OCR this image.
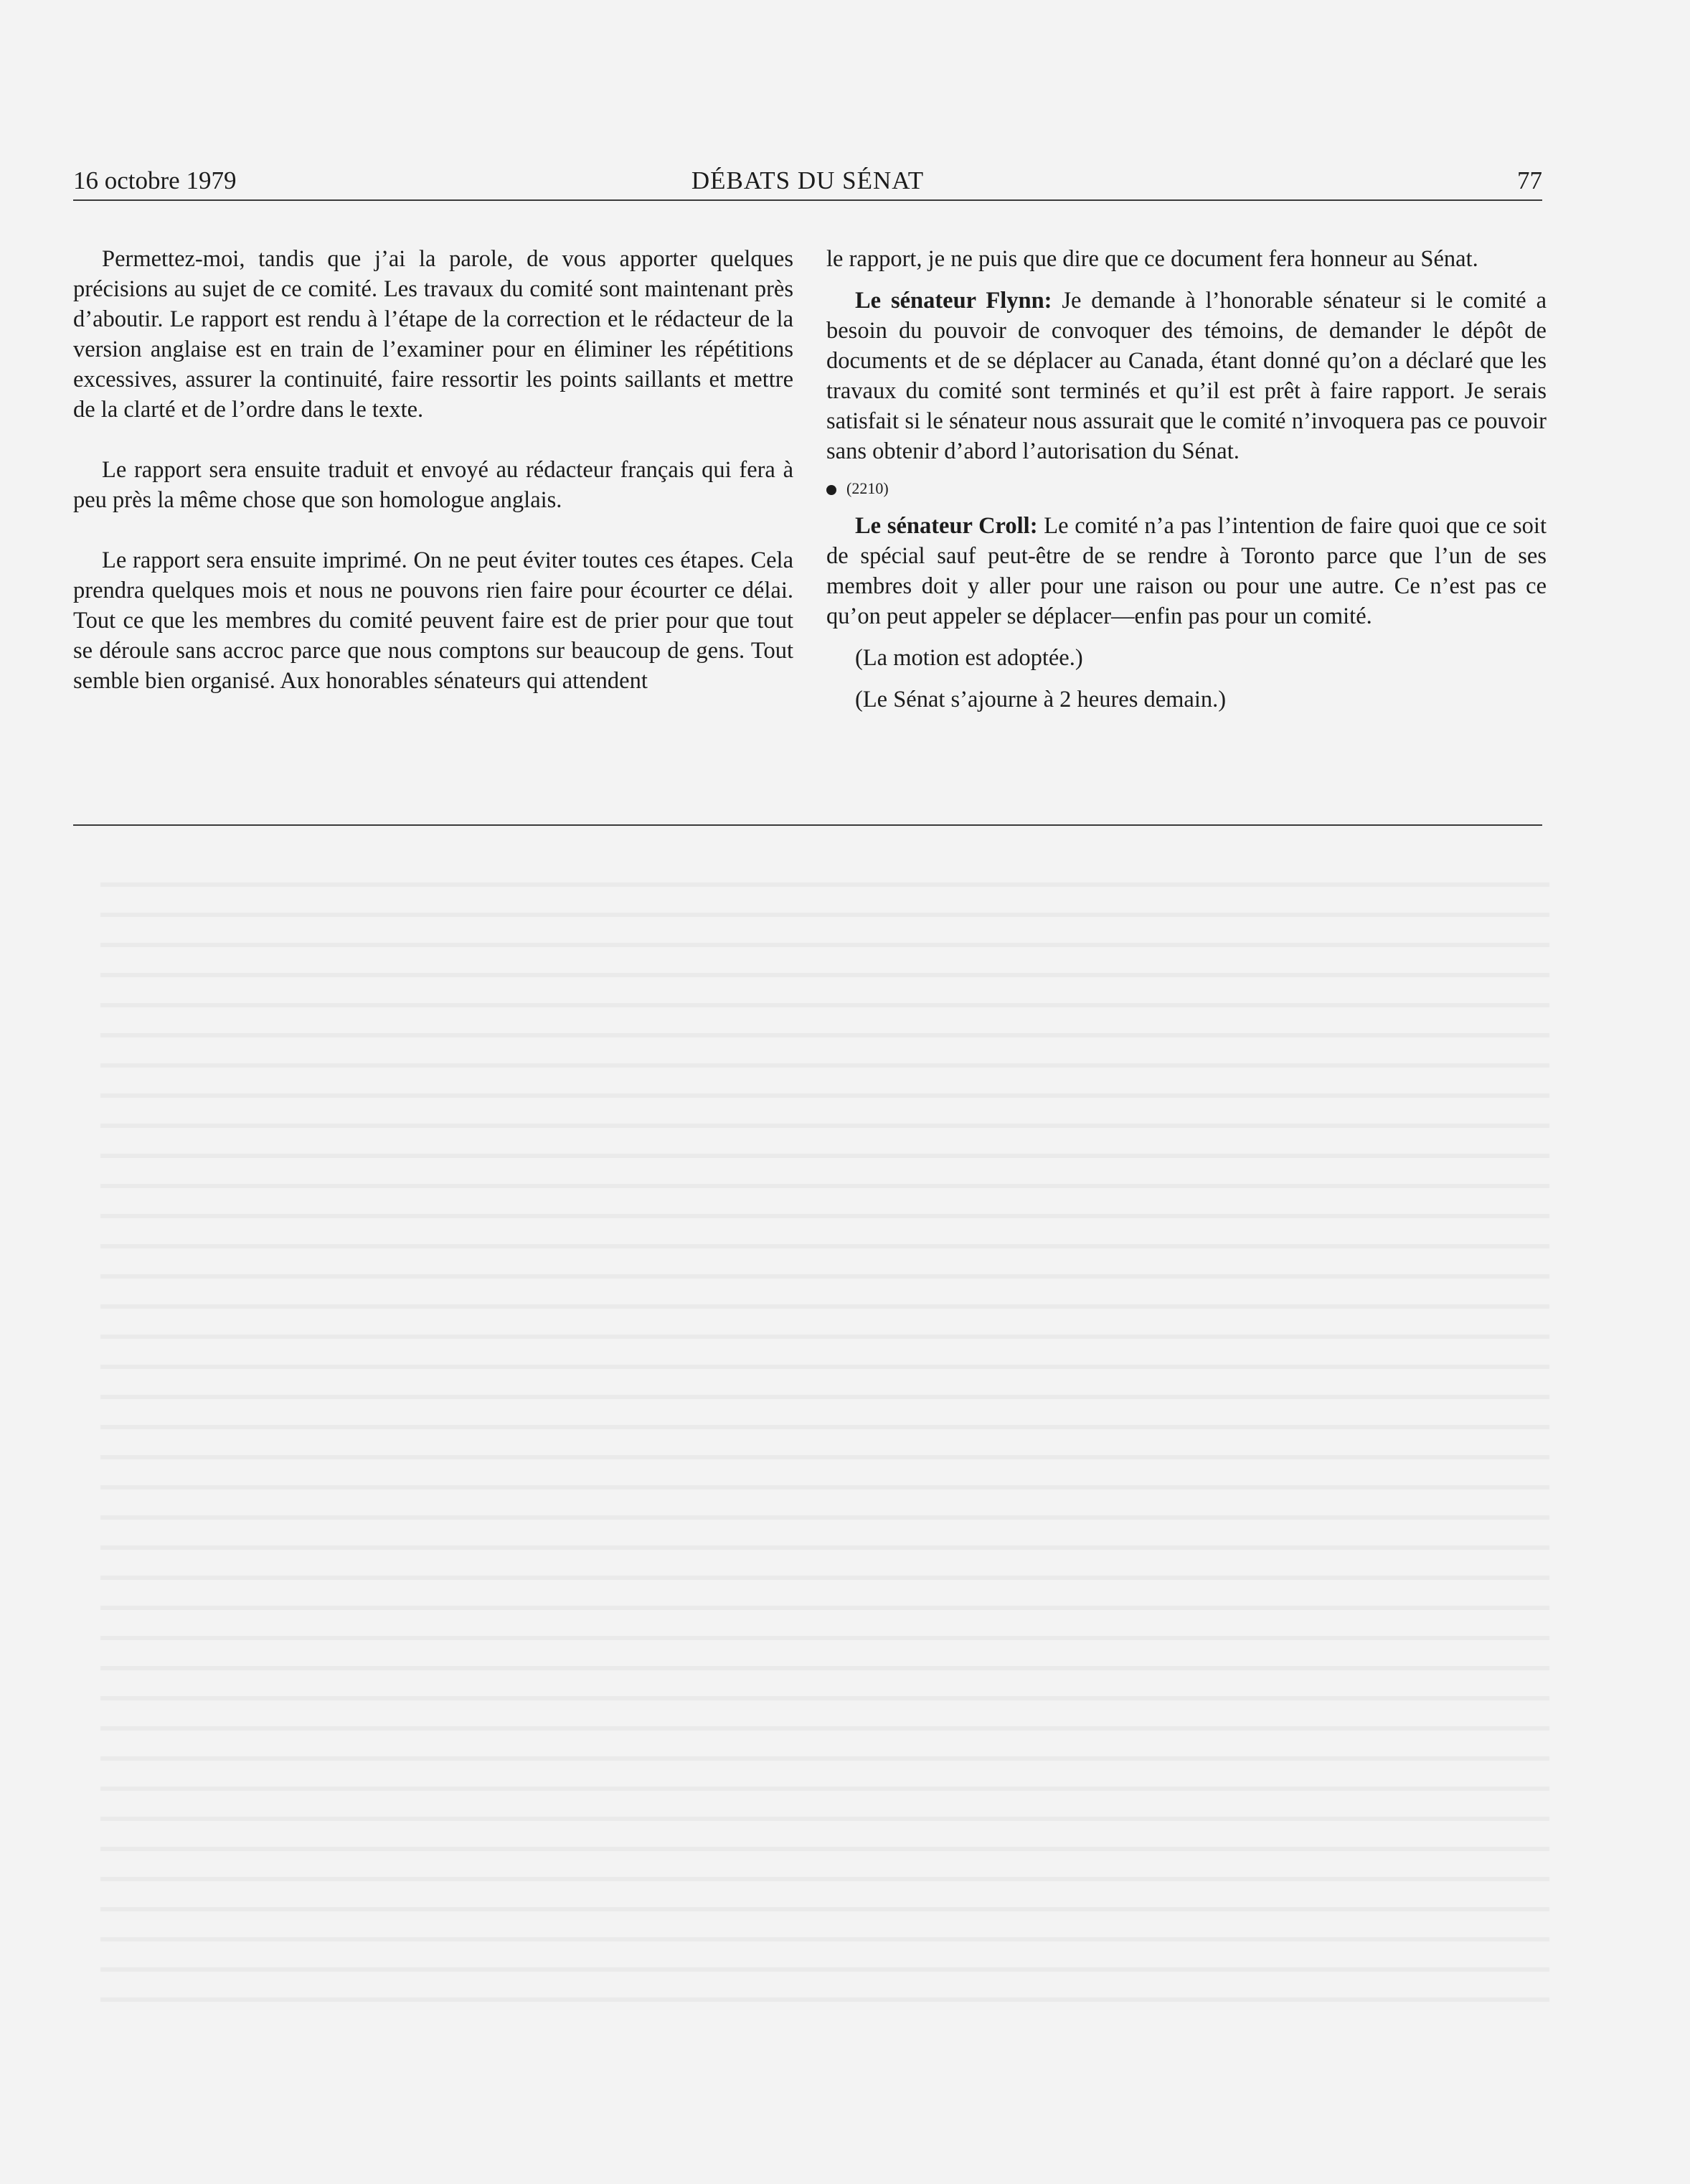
16 octobre 1979	DÉBATS DU SÉNAT	77

Permettez-moi, tandis que j’ai la parole, de vous apporter quelques précisions au sujet de ce comité. Les travaux du comité sont maintenant près d’aboutir. Le rapport est rendu à l’étape de la correction et le rédacteur de la version anglaise est en train de l’examiner pour en éliminer les répétitions excessives, assurer la continuité, faire ressortir les points saillants et mettre de la clarté et de l’ordre dans le texte.

Le rapport sera ensuite traduit et envoyé au rédacteur français qui fera à peu près la même chose que son homologue anglais.

Le rapport sera ensuite imprimé. On ne peut éviter toutes ces étapes. Cela prendra quelques mois et nous ne pouvons rien faire pour écourter ce délai. Tout ce que les membres du comité peuvent faire est de prier pour que tout se déroule sans accroc parce que nous comptons sur beaucoup de gens. Tout semble bien organisé. Aux honorables sénateurs qui attendent

le rapport, je ne puis que dire que ce document fera honneur au Sénat.

Le sénateur Flynn: Je demande à l’honorable sénateur si le comité a besoin du pouvoir de convoquer des témoins, de demander le dépôt de documents et de se déplacer au Canada, étant donné qu’on a déclaré que les travaux du comité sont terminés et qu’il est prêt à faire rapport. Je serais satisfait si le sénateur nous assurait que le comité n’invoquera pas ce pouvoir sans obtenir d’abord l’autorisation du Sénat.

(2210)

Le sénateur Croll: Le comité n’a pas l’intention de faire quoi que ce soit de spécial sauf peut-être de se rendre à Toronto parce que l’un de ses membres doit y aller pour une raison ou pour une autre. Ce n’est pas ce qu’on peut appeler se déplacer—enfin pas pour un comité.

(La motion est adoptée.)

(Le Sénat s’ajourne à 2 heures demain.)
